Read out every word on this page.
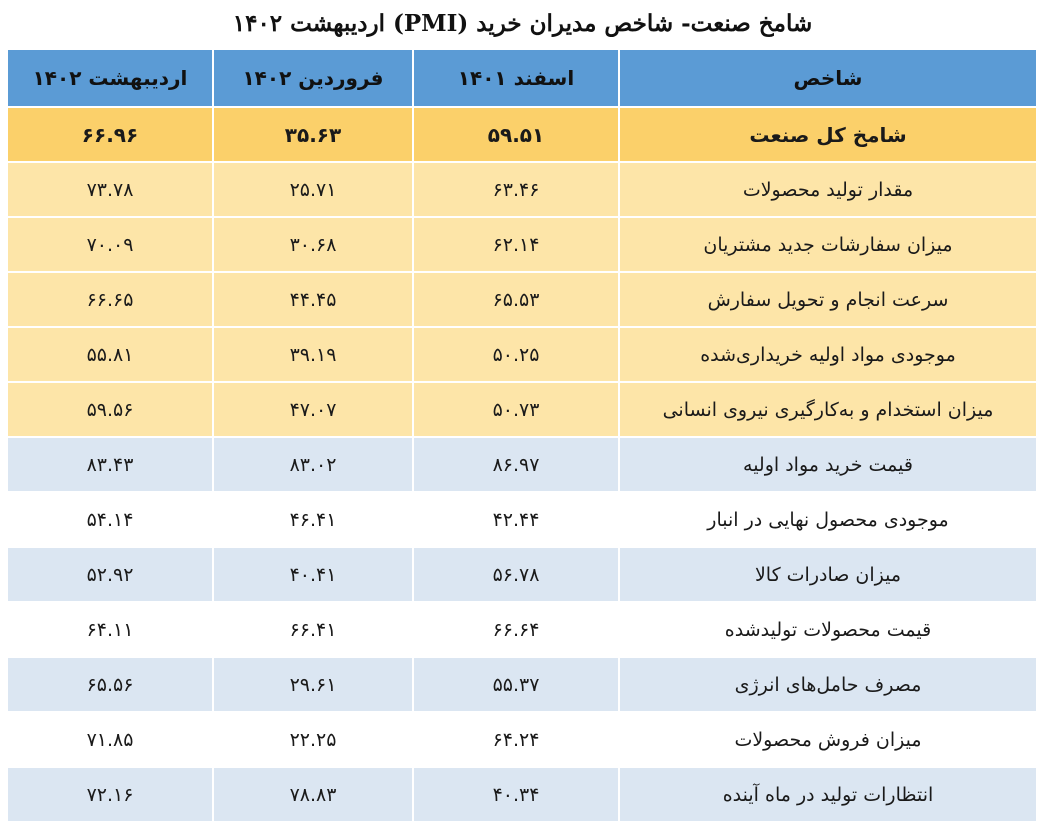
شامخ صنعت- شاخص مدیران خرید (PMI) اردیبهشت ۱۴۰۲
شاخص	اسفند ۱۴۰۱	فروردین ۱۴۰۲	اردیبهشت ۱۴۰۲
شامخ کل صنعت	۵۹.۵۱	۳۵.۶۳	۶۶.۹۶
مقدار تولید محصولات	۶۳.۴۶	۲۵.۷۱	۷۳.۷۸
میزان سفارشات جدید مشتریان	۶۲.۱۴	۳۰.۶۸	۷۰.۰۹
سرعت انجام و تحویل سفارش	۶۵.۵۳	۴۴.۴۵	۶۶.۶۵
موجودی مواد اولیه خریداری‌شده	۵۰.۲۵	۳۹.۱۹	۵۵.۸۱
میزان استخدام و به‌کارگیری نیروی انسانی	۵۰.۷۳	۴۷.۰۷	۵۹.۵۶
قیمت خرید مواد اولیه	۸۶.۹۷	۸۳.۰۲	۸۳.۴۳
موجودی محصول نهایی در انبار	۴۲.۴۴	۴۶.۴۱	۵۴.۱۴
میزان صادرات کالا	۵۶.۷۸	۴۰.۴۱	۵۲.۹۲
قیمت محصولات تولیدشده	۶۶.۶۴	۶۶.۴۱	۶۴.۱۱
مصرف حامل‌های انرژی	۵۵.۳۷	۲۹.۶۱	۶۵.۵۶
میزان فروش محصولات	۶۴.۲۴	۲۲.۲۵	۷۱.۸۵
انتظارات تولید در ماه آینده	۴۰.۳۴	۷۸.۸۳	۷۲.۱۶
